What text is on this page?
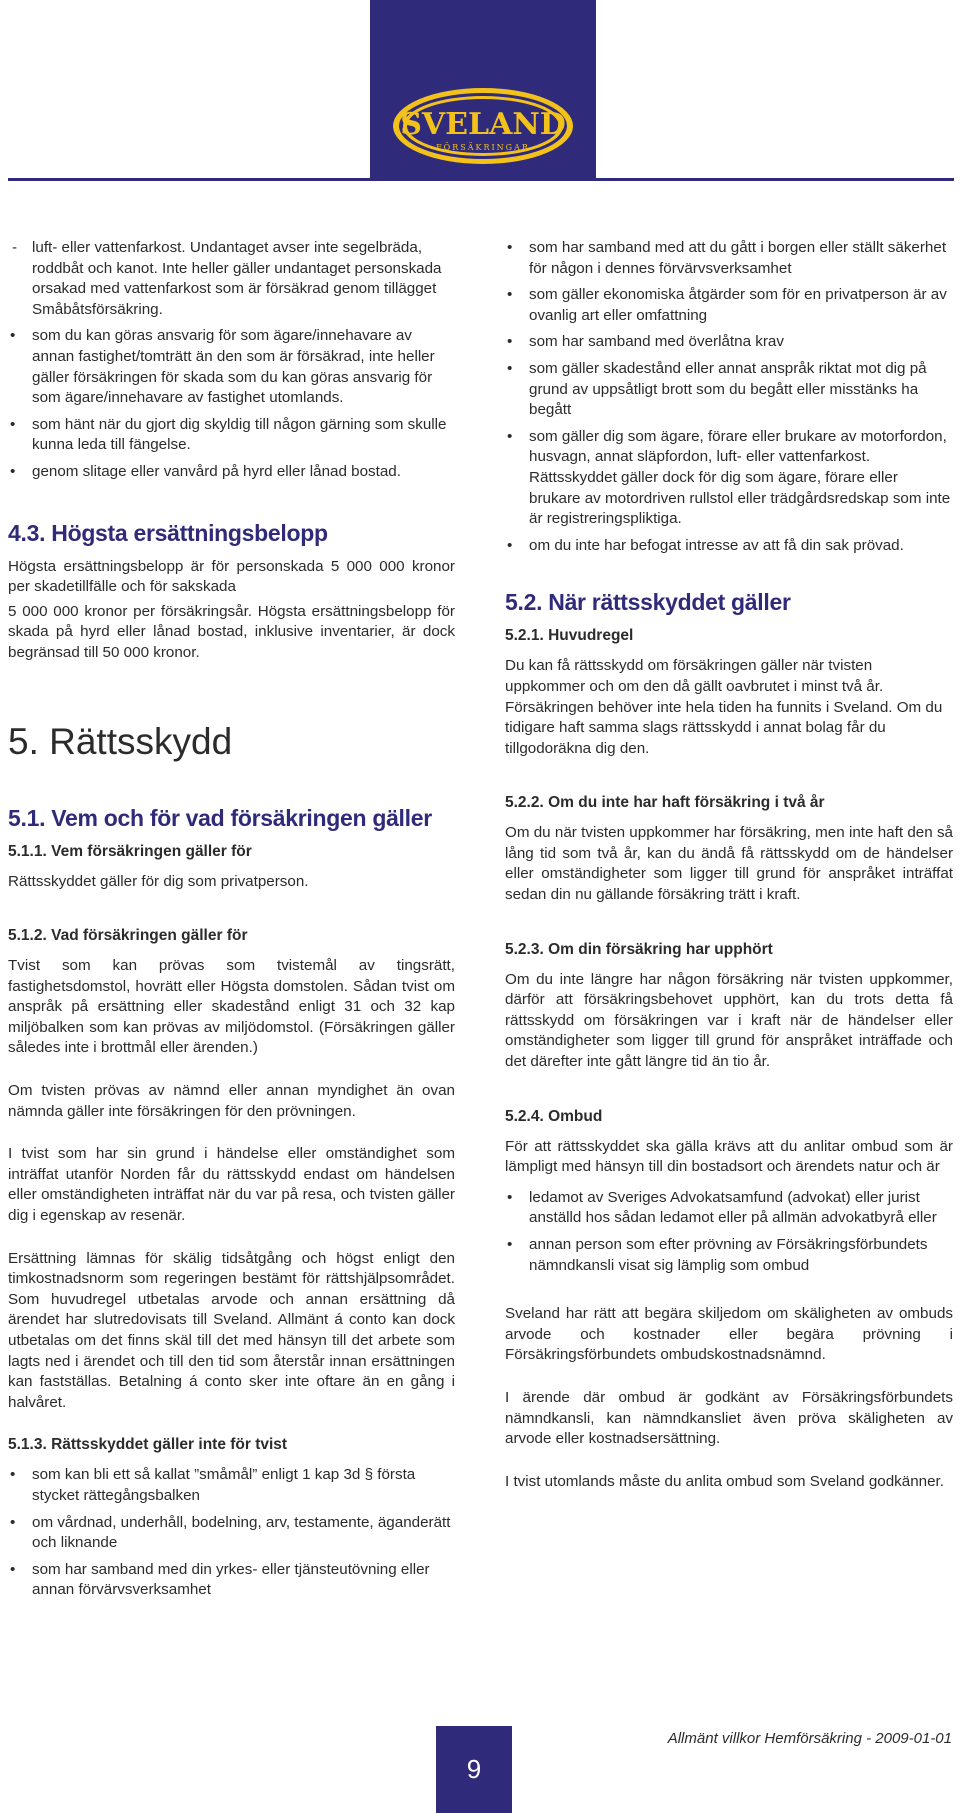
SVELAND
FÖRSÄKRINGAR
- luft- eller vattenfarkost. Undantaget avser inte segelbräda, roddbåt och kanot. Inte heller gäller undantaget personskada orsakad med vattenfarkost som är försäkrad genom tillägget Småbåtsförsäkring.
• som du kan göras ansvarig för som ägare/innehavare av annan fastighet/tomträtt än den som är försäkrad, inte heller gäller försäkringen för skada som du kan göras ansvarig för som ägare/innehavare av fastighet utomlands.
• som hänt när du gjort dig skyldig till någon gärning som skulle kunna leda till fängelse.
• genom slitage eller vanvård på hyrd eller lånad bostad.
4.3. Högsta ersättningsbelopp

Högsta ersättningsbelopp är för personskada 5 000 000 kronor per skadetillfälle och för sakskada

5 000 000 kronor per försäkringsår. Högsta ersättningsbelopp för skada på hyrd eller lånad bostad, inklusive inventarier, är dock begränsad till 50 000 kronor.

5. Rättsskydd
5.1. Vem och för vad försäkringen gäller
5.1.1. Vem försäkringen gäller för

Rättsskyddet gäller för dig som privatperson.

5.1.2. Vad försäkringen gäller för

Tvist som kan prövas som tvistemål av tingsrätt, fastighetsdomstol, hovrätt eller Högsta domstolen. Sådan tvist om anspråk på ersättning eller skadestånd enligt 31 och 32 kap miljöbalken som kan prövas av miljödomstol. (Försäkringen gäller således inte i brottmål eller ärenden.)

Om tvisten prövas av nämnd eller annan myndighet än ovan nämnda gäller inte försäkringen för den prövningen.

I tvist som har sin grund i händelse eller omständighet som inträffat utanför Norden får du rättsskydd endast om händelsen eller omständigheten inträffat när du var på resa, och tvisten gäller dig i egenskap av resenär.

Ersättning lämnas för skälig tidsåtgång och högst enligt den timkostnadsnorm som regeringen bestämt för rättshjälpsområdet. Som huvudregel utbetalas arvode och annan ersättning då ärendet har slutredovisats till Sveland. Allmänt á conto kan dock utbetalas om det finns skäl till det med hänsyn till det arbete som lagts ned i ärendet och till den tid som återstår innan ersättningen kan fastställas. Betalning á conto sker inte oftare än en gång i halvåret.

5.1.3. Rättsskyddet gäller inte för tvist
• som kan bli ett så kallat ”småmål” enligt 1 kap 3d § första stycket rättegångsbalken
• om vårdnad, underhåll, bodelning, arv, testamente, äganderätt och liknande
• som har samband med din yrkes- eller tjänsteutövning eller annan förvärvsverksamhet
• som har samband med att du gått i borgen eller ställt säkerhet för någon i dennes förvärvsverksamhet
• som gäller ekonomiska åtgärder som för en privatperson är av ovanlig art eller omfattning
• som har samband med överlåtna krav
• som gäller skadestånd eller annat anspråk riktat mot dig på grund av uppsåtligt brott som du begått eller misstänks ha begått
• som gäller dig som ägare, förare eller brukare av motorfordon, husvagn, annat släpfordon, luft- eller vattenfarkost. Rättsskyddet gäller dock för dig som ägare, förare eller brukare av motordriven rullstol eller trädgårdsredskap som inte är registreringspliktiga.
• om du inte har befogat intresse av att få din sak prövad.
5.2. När rättsskyddet gäller
5.2.1. Huvudregel

Du kan få rättsskydd om försäkringen gäller när tvisten uppkommer och om den då gällt oavbrutet i minst två år. Försäkringen behöver inte hela tiden ha funnits i Sveland. Om du tidigare haft samma slags rättsskydd i annat bolag får du tillgodoräkna dig den.

5.2.2. Om du inte har haft försäkring i två år

Om du när tvisten uppkommer har försäkring, men inte haft den så lång tid som två år, kan du ändå få rättsskydd om de händelser eller omständigheter som ligger till grund för anspråket inträffat sedan din nu gällande försäkring trätt i kraft.

5.2.3. Om din försäkring har upphört

Om du inte längre har någon försäkring när tvisten uppkommer, därför att försäkringsbehovet upphört, kan du trots detta få rättsskydd om försäkringen var i kraft när de händelser eller omständigheter som ligger till grund för anspråket inträffade och det därefter inte gått längre tid än tio år.

5.2.4. Ombud

För att rättsskyddet ska gälla krävs att du anlitar ombud som är lämpligt med hänsyn till din bostadsort och ärendets natur och är

• ledamot av Sveriges Advokatsamfund (advokat) eller jurist anställd hos sådan ledamot eller på allmän advokatbyrå eller
• annan person som efter prövning av Försäkringsförbundets nämndkansli visat sig lämplig som ombud

Sveland har rätt att begära skiljedom om skäligheten av ombuds arvode och kostnader eller begära prövning i Försäkringsförbundets ombudskostnadsnämnd.

I ärende där ombud är godkänt av Försäkringsförbundets nämndkansli, kan nämndkansliet även pröva skäligheten av arvode eller kostnadsersättning.

I tvist utomlands måste du anlita ombud som Sveland godkänner.

9
Allmänt villkor Hemförsäkring - 2009-01-01
